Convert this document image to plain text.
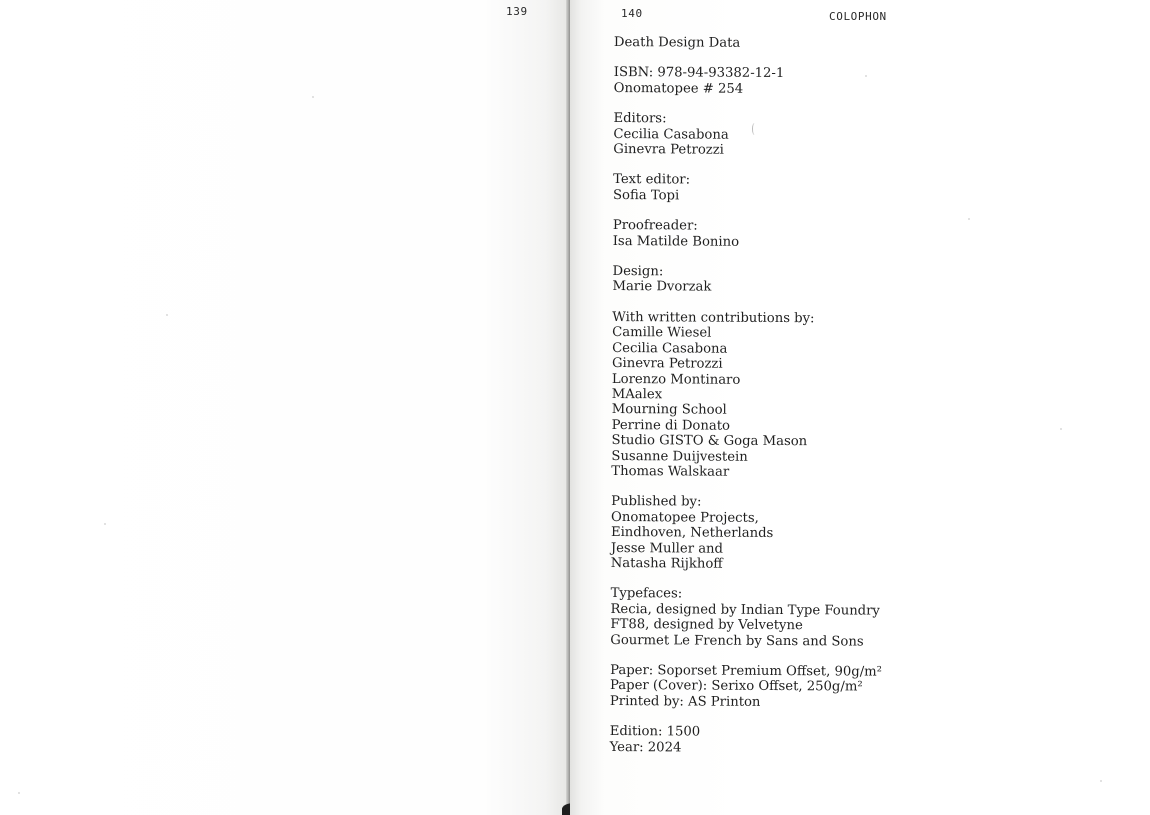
139	140	COLOPHON
Death Design Data
ISBN: 978-94-93382-12-1
Onomatopee # 254
Editors:
Cecilia Casabona
Ginevra Petrozzi
Text editor:
Sofia Topi
Proofreader:
Isa Matilde Bonino
Design:
Marie Dvorzak
With written contributions by:
Camille Wiesel
Cecilia Casabona
Ginevra Petrozzi
Lorenzo Montinaro
MAalex
Mourning School
Perrine di Donato
Studio GISTO & Goga Mason
Susanne Duijvestein
Thomas Walskaar
Published by:
Onomatopee Projects,
Eindhoven, Netherlands
Jesse Muller and
Natasha Rijkhoff
Typefaces:
Recia, designed by Indian Type Foundry
FT88, designed by Velvetyne
Gourmet Le French by Sans and Sons
Paper: Soporset Premium Offset, 90g/m²
Paper (Cover): Serixo Offset, 250g/m²
Printed by: AS Printon
Edition: 1500
Year: 2024
